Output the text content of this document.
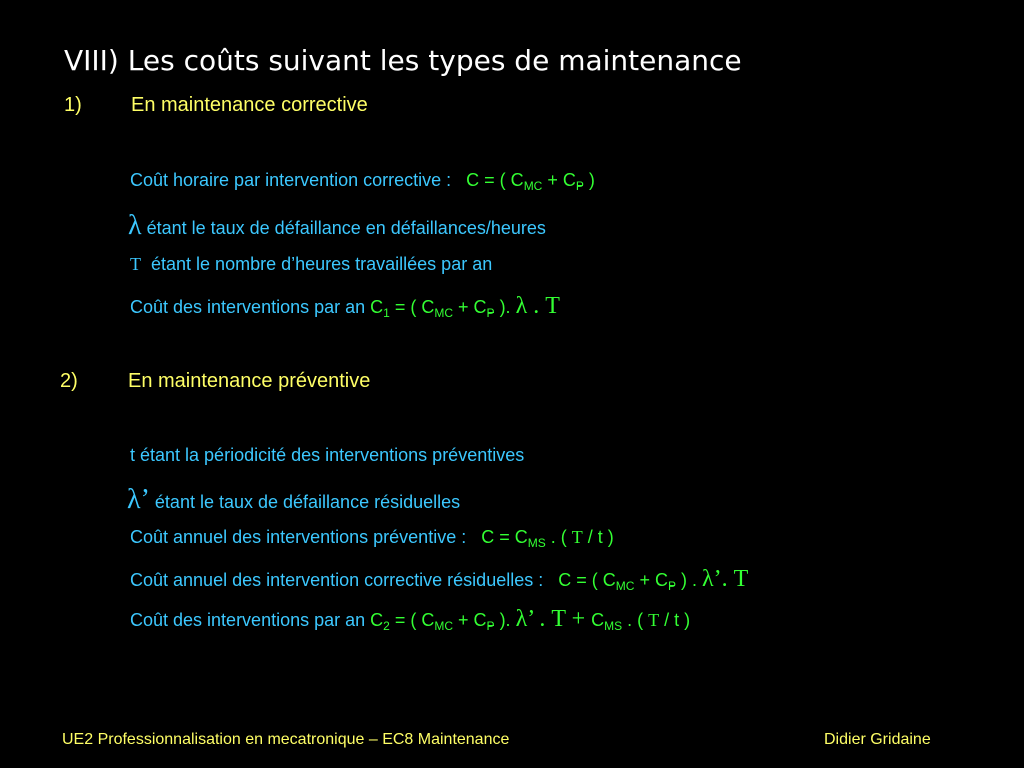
VIII) Les coûts suivant les types de maintenance
1) En maintenance corrective
Coût horaire par intervention corrective : C = ( $C_{MC} + C_P$ )
λ étant le taux de défaillance en défaillances/heures
T étant le nombre d’heures travaillées par an
Coût des interventions par an $C_1$ = ( $C_{MC} + C_P$ ). λ . T
2)	En maintenance préventive
t étant la périodicité des interventions préventives
λ’ étant le taux de défaillance résiduelles
Coût annuel des interventions préventive : $C = C_{MS}$ . ( T / t )
Coût annuel des intervention corrective résiduelles : C = ( $C_{MC} + C_P$ ) . λ’. T
Coût des interventions par an $C_2$ = ( $C_{MC} + C_P$ ). λ’ . $T + C_{MS}$ . ( T / t )
UE2 Professionnalisation en mecatronique – EC8 Maintenance	Didier Gridaine
